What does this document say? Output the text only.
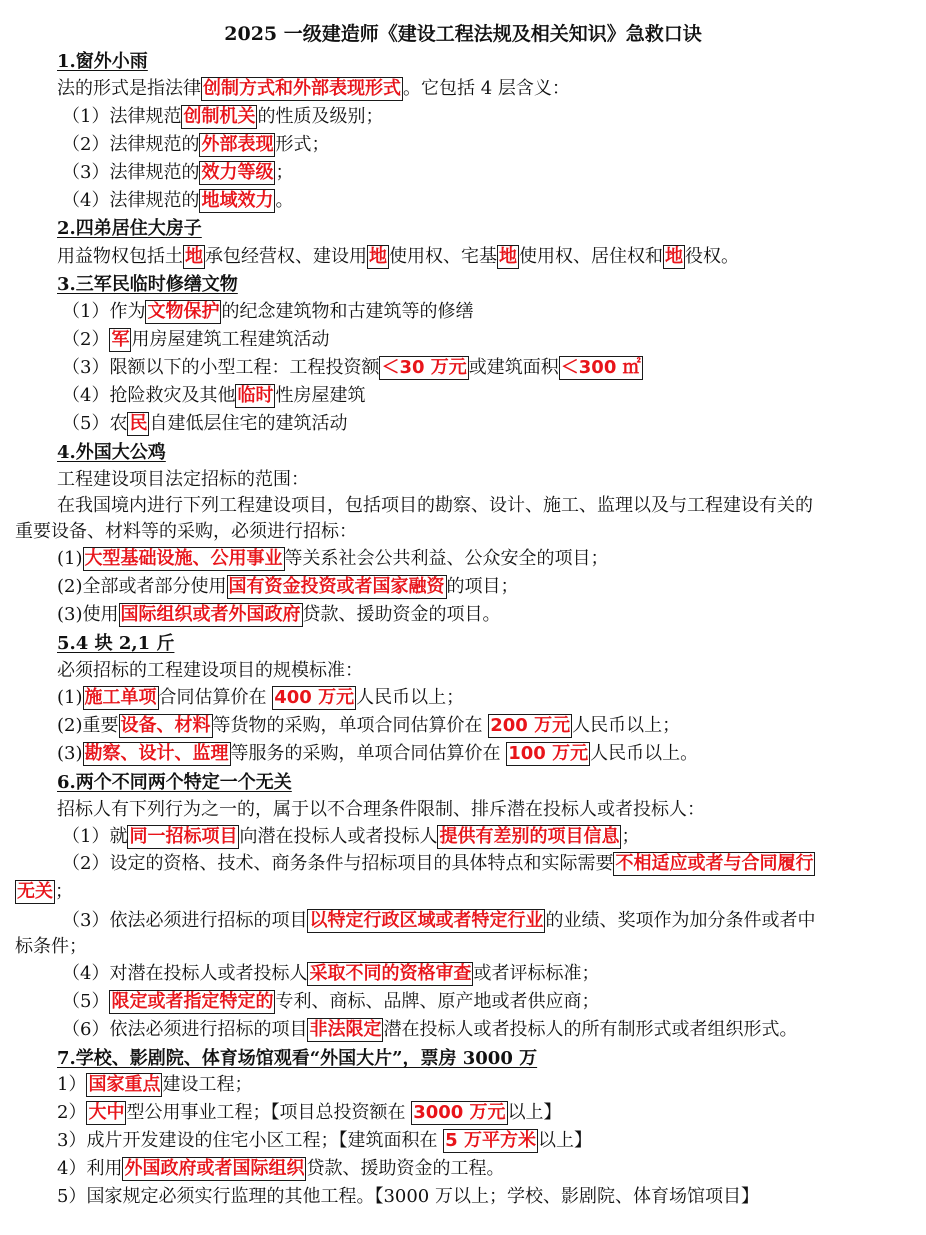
2025 一级建造师《建设工程法规及相关知识》急救口诀
1.窗外小雨
法的形式是指法律 创制方式和外部表现形式 。它包括 4 层含义：
（1）法律规范 创制机关 的性质及级别；
（2）法律规范的 外部表现 形式；
（3）法律规范的 效力等级 ；
（4）法律规范的 地域效力 。
2.四弟居住大房子
用益物权包括土 地 承包经营权、建设用 地 使用权、宅基 地 使用权、居住权和 地 役权。
3.三军民临时修缮文物
（1）作为 文物保护 的纪念建筑物和古建筑等的修缮
（2） 军 用房屋建筑工程建筑活动
（3）限额以下的小型工程：工程投资额 ＜30 万元 或建筑面积 ＜300 ㎡
（4）抢险救灾及其他 临时 性房屋建筑
（5）农 民 自建低层住宅的建筑活动
4.外国大公鸡
工程建设项目法定招标的范围：
在我国境内进行下列工程建设项目，包括项目的勘察、设计、施工、监理以及与工程建设有关的
重要设备、材料等的采购，必须进行招标：
(1) 大型基础设施、公用事业 等关系社会公共利益、公众安全的项目；
(2)全部或者部分使用 国有资金投资或者国家融资 的项目；
(3)使用 国际组织或者外国政府 贷款、援助资金的项目。
5.4 块 2,1 斤
必须招标的工程建设项目的规模标准：
(1) 施工单项 合同估算价在 400 万元 人民币以上；
(2)重要 设备、材料 等货物的采购，单项合同估算价在 200 万元 人民币以上；
(3) 勘察、设计、监理 等服务的采购，单项合同估算价在 100 万元 人民币以上。
6.两个不同两个特定一个无关
招标人有下列行为之一的，属于以不合理条件限制、排斥潜在投标人或者投标人：
（1）就 同一招标项目 向潜在投标人或者投标人 提供有差别的项目信息 ；
（2）设定的资格、技术、商务条件与招标项目的具体特点和实际需要 不相适应或者与合同履行
无关 ；
（3）依法必须进行招标的项目 以特定行政区域或者特定行业 的业绩、奖项作为加分条件或者中
标条件；
（4）对潜在投标人或者投标人 采取不同的资格审查 或者评标标准；
（5） 限定或者指定特定的 专利、商标、品牌、原产地或者供应商；
（6）依法必须进行招标的项目 非法限定 潜在投标人或者投标人的所有制形式或者组织形式。
7.学校、影剧院、体育场馆观看“外国大片”，票房 3000 万
1） 国家重点 建设工程；
2） 大中 型公用事业工程；【项目总投资额在 3000 万元 以上】
3）成片开发建设的住宅小区工程；【建筑面积在 5 万平方米 以上】
4）利用 外国政府或者国际组织 贷款、援助资金的工程。
5）国家规定必须实行监理的其他工程。【3000 万以上；学校、影剧院、体育场馆项目】
